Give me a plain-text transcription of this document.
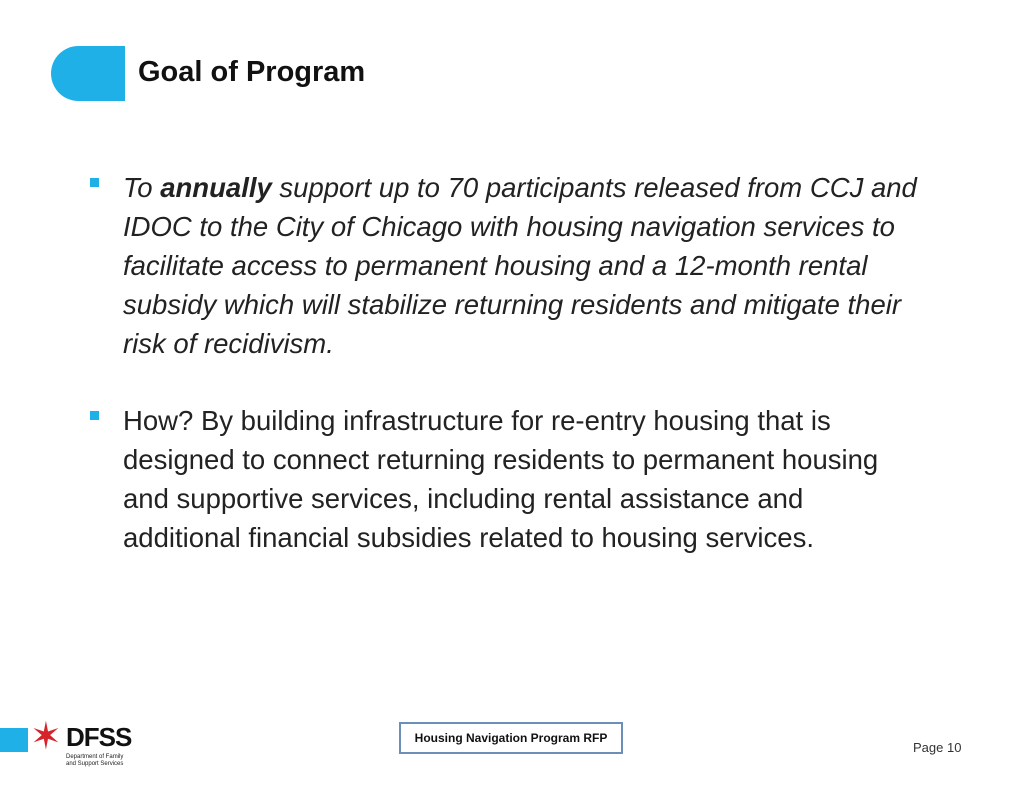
Goal of Program
To annually support up to 70 participants released from CCJ and IDOC to the City of Chicago with housing navigation services to facilitate access to permanent housing and a 12-month rental subsidy which will stabilize returning residents and mitigate their risk of recidivism.
How? By building infrastructure for re-entry housing that is designed to connect returning residents to permanent housing and supportive services, including rental assistance and additional financial subsidies related to housing services.
✶ DFSS
Department of Family
and Support Services
Housing Navigation Program RFP
Page 10
